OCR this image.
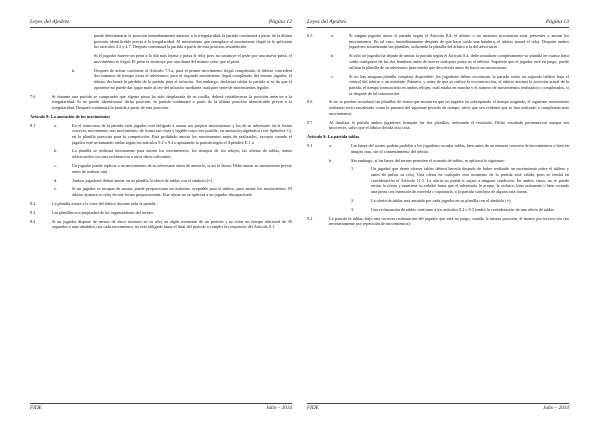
Leyes del Ajedrez	Página 12

puede determinarse la posición inmediatamente anterior a la irregularidad, la partida continuará a partir de la última posición identificable previa a la irregularidad. Al movimiento que reemplace al movimiento ilegal se le aplicarán los artículos 4.3 y 4.7. Después continuará la partida a partir de esta posición restablecida.

Si el jugador mueve un peón a la fila más lejana y pulsa el reloj pero no sustituye el peón por una nueva pieza, el movimiento es ilegal. El peón se sustituye por una dama del mismo color que el peón.

b.	Después de actuar conforme al Artículo 7.5.a, para el primer movimiento ilegal completado, el árbitro concederá dos minutos de tiempo extra al adversario; para el segundo movimiento ilegal completado del mismo jugador, el árbitro declarará la pérdida de la partida para el infractor. Sin embargo, declarará tablas la partida si se da que el oponente no puede dar jaque mate al rey del infractor mediante cualquier serie de movimientos legales.
7.6	Si durante una partida se comprueba que alguna pieza ha sido desplazada de su casilla, deberá restablecerse la posición anterior a la irregularidad. Si no puede identificarse dicha posición, la partida continuará a partir de la última posición identificable previa a la irregularidad. Después continuará la partida a partir de esta posición.
Artículo 8: La anotación de los movimientos
8.1	a.	En el transcurso de la partida cada jugador está obligado a anotar sus propios movimientos y los de su adversario en la forma correcta, movimiento tras movimiento, de forma tan clara y legible como sea posible, en anotación algebraica (ver Apéndice C), en la planilla prescrita para la competición. Está prohibido anotar los movimientos antes de realizarlos, excepto cuando el jugador esté reclamando tablas según los artículos 9.2 o 9.3 o aplazando la partida según el Apéndice E.1.a
b.	La planilla se utilizará únicamente para anotar los movimientos, los tiempos de los relojes, las ofertas de tablas, temas relacionados con una reclamación u otros datos relevantes.
c.	Un jugador puede replicar a un movimiento de su adversario antes de anotarlo, si así lo desea. Debe anotar su movimiento previo antes de realizar otra.
d.	Ambos jugadores deben anotar en su planilla la oferta de tablas con el símbolo (=).
e.	Si un jugador es incapaz de anotar, puede proporcionar un asistente, aceptable para el árbitro, para anotar los movimientos. El árbitro ajustará su reloj de una forma proporcionada. Este ajuste no se aplicará a un jugador discapacitado.
8.2	La planilla estará a la vista del árbitro durante toda la partida.
8.3	Las planillas son propiedad de los organizadores del torneo.
8.4	Si un jugador dispone de menos de cinco minutos en su reloj en algún momento de un periodo y no tiene un tiempo adicional de 30 segundos o más añadidos con cada movimiento, no está obligado hasta el final del periodo a cumplir los requisitos del Artículo 8.1.
FIDE	Julio – 2014
Leyes del Ajedrez	Página 13
8.5	a.	Si ningún jugador anota la partida según el Artículo 8.4, el árbitro o un asistente procurarán estar presentes y anotar los movimientos. En tal caso, inmediatamente después de que haya caído una bandera, el árbitro parará el reloj. Después ambos jugadores actualizarán sus planillas, utilizando la planilla del árbitro o la del adversario.
b.	Si sólo un jugador ha dejado de anotar la partida según el Artículo 8.4, debe actualizar completamente su planilla en cuanto haya caído cualquiera de las dos banderas antes de mover cualquier pieza en el tablero. Supuesto que el jugador esté en juego, puede utilizar la planilla de su adversario pero tendrá que devolverla antes de hacer un movimiento.
c.	Si no hay ninguna planilla completa disponible, los jugadores deben reconstruir la partida sobre un segundo tablero bajo el control del árbitro o un asistente. Primero, y antes de que se realice la reconstrucción, el árbitro anotará la posición actual de la partida, el tiempo transcurrido en ambos relojes, cuál estaba en marcha y el número de movimientos realizados o completados, si se dispone de tal información.
8.6	Si no se pueden actualizar las planillas de forma que muestren que un jugador ha sobrepasado el tiempo asignado, el siguiente movimiento realizado será considerado como la primera del siguiente periodo de tiempo, salvo que sea evidente que se han realizado o completado más movimientos.
8.7	Al finalizar la partida ambos jugadores firmarán las dos planillas, indicando el resultado. Dicho resultado permanecerá aunque sea incorrecto, salvo que el árbitro decida otra cosa.
Artículo 9: La partida tablas
9.1	a.	Las bases del torneo podrán prohibir a los jugadores acordar tablas, bien antes de un número concreto de movimientos o bien en ningún caso, sin el consentimiento del árbitro.
b.	Sin embargo, si las bases del torneo permiten el acuerdo de tablas, se aplicará lo siguiente:
1.	Un jugador que desee ofrecer tablas deberá hacerlo después de haber realizado un movimiento sobre el tablero y antes de pulsar su reloj. Una oferta en cualquier otro momento de la partida será válida, pero se tendrá en consideración el Artículo 11.5. La oferta no puede ir sujeta a ninguna condición. En ambos casos, no se puede retirar la oferta y mantiene su validez hasta que el adversario la acepte, la rechace, bien oralmente o bien tocando una pieza con intención de moverla o capturarla, o la partida concluya de alguna otra forma.
2.	La oferta de tablas será anotada por cada jugador en su planilla con el símbolo (=).
3.	Una reclamación de tablas conforme a los artículos 9.2 o 9.3 tendrá la consideración de una oferta de tablas.
9.2	La partida es tablas, bajo una correcta reclamación del jugador que está en juego, cuando la misma posición, al menos por tercera vez (no necesariamente por repetición de movimientos):
FIDE	Julio – 2014
